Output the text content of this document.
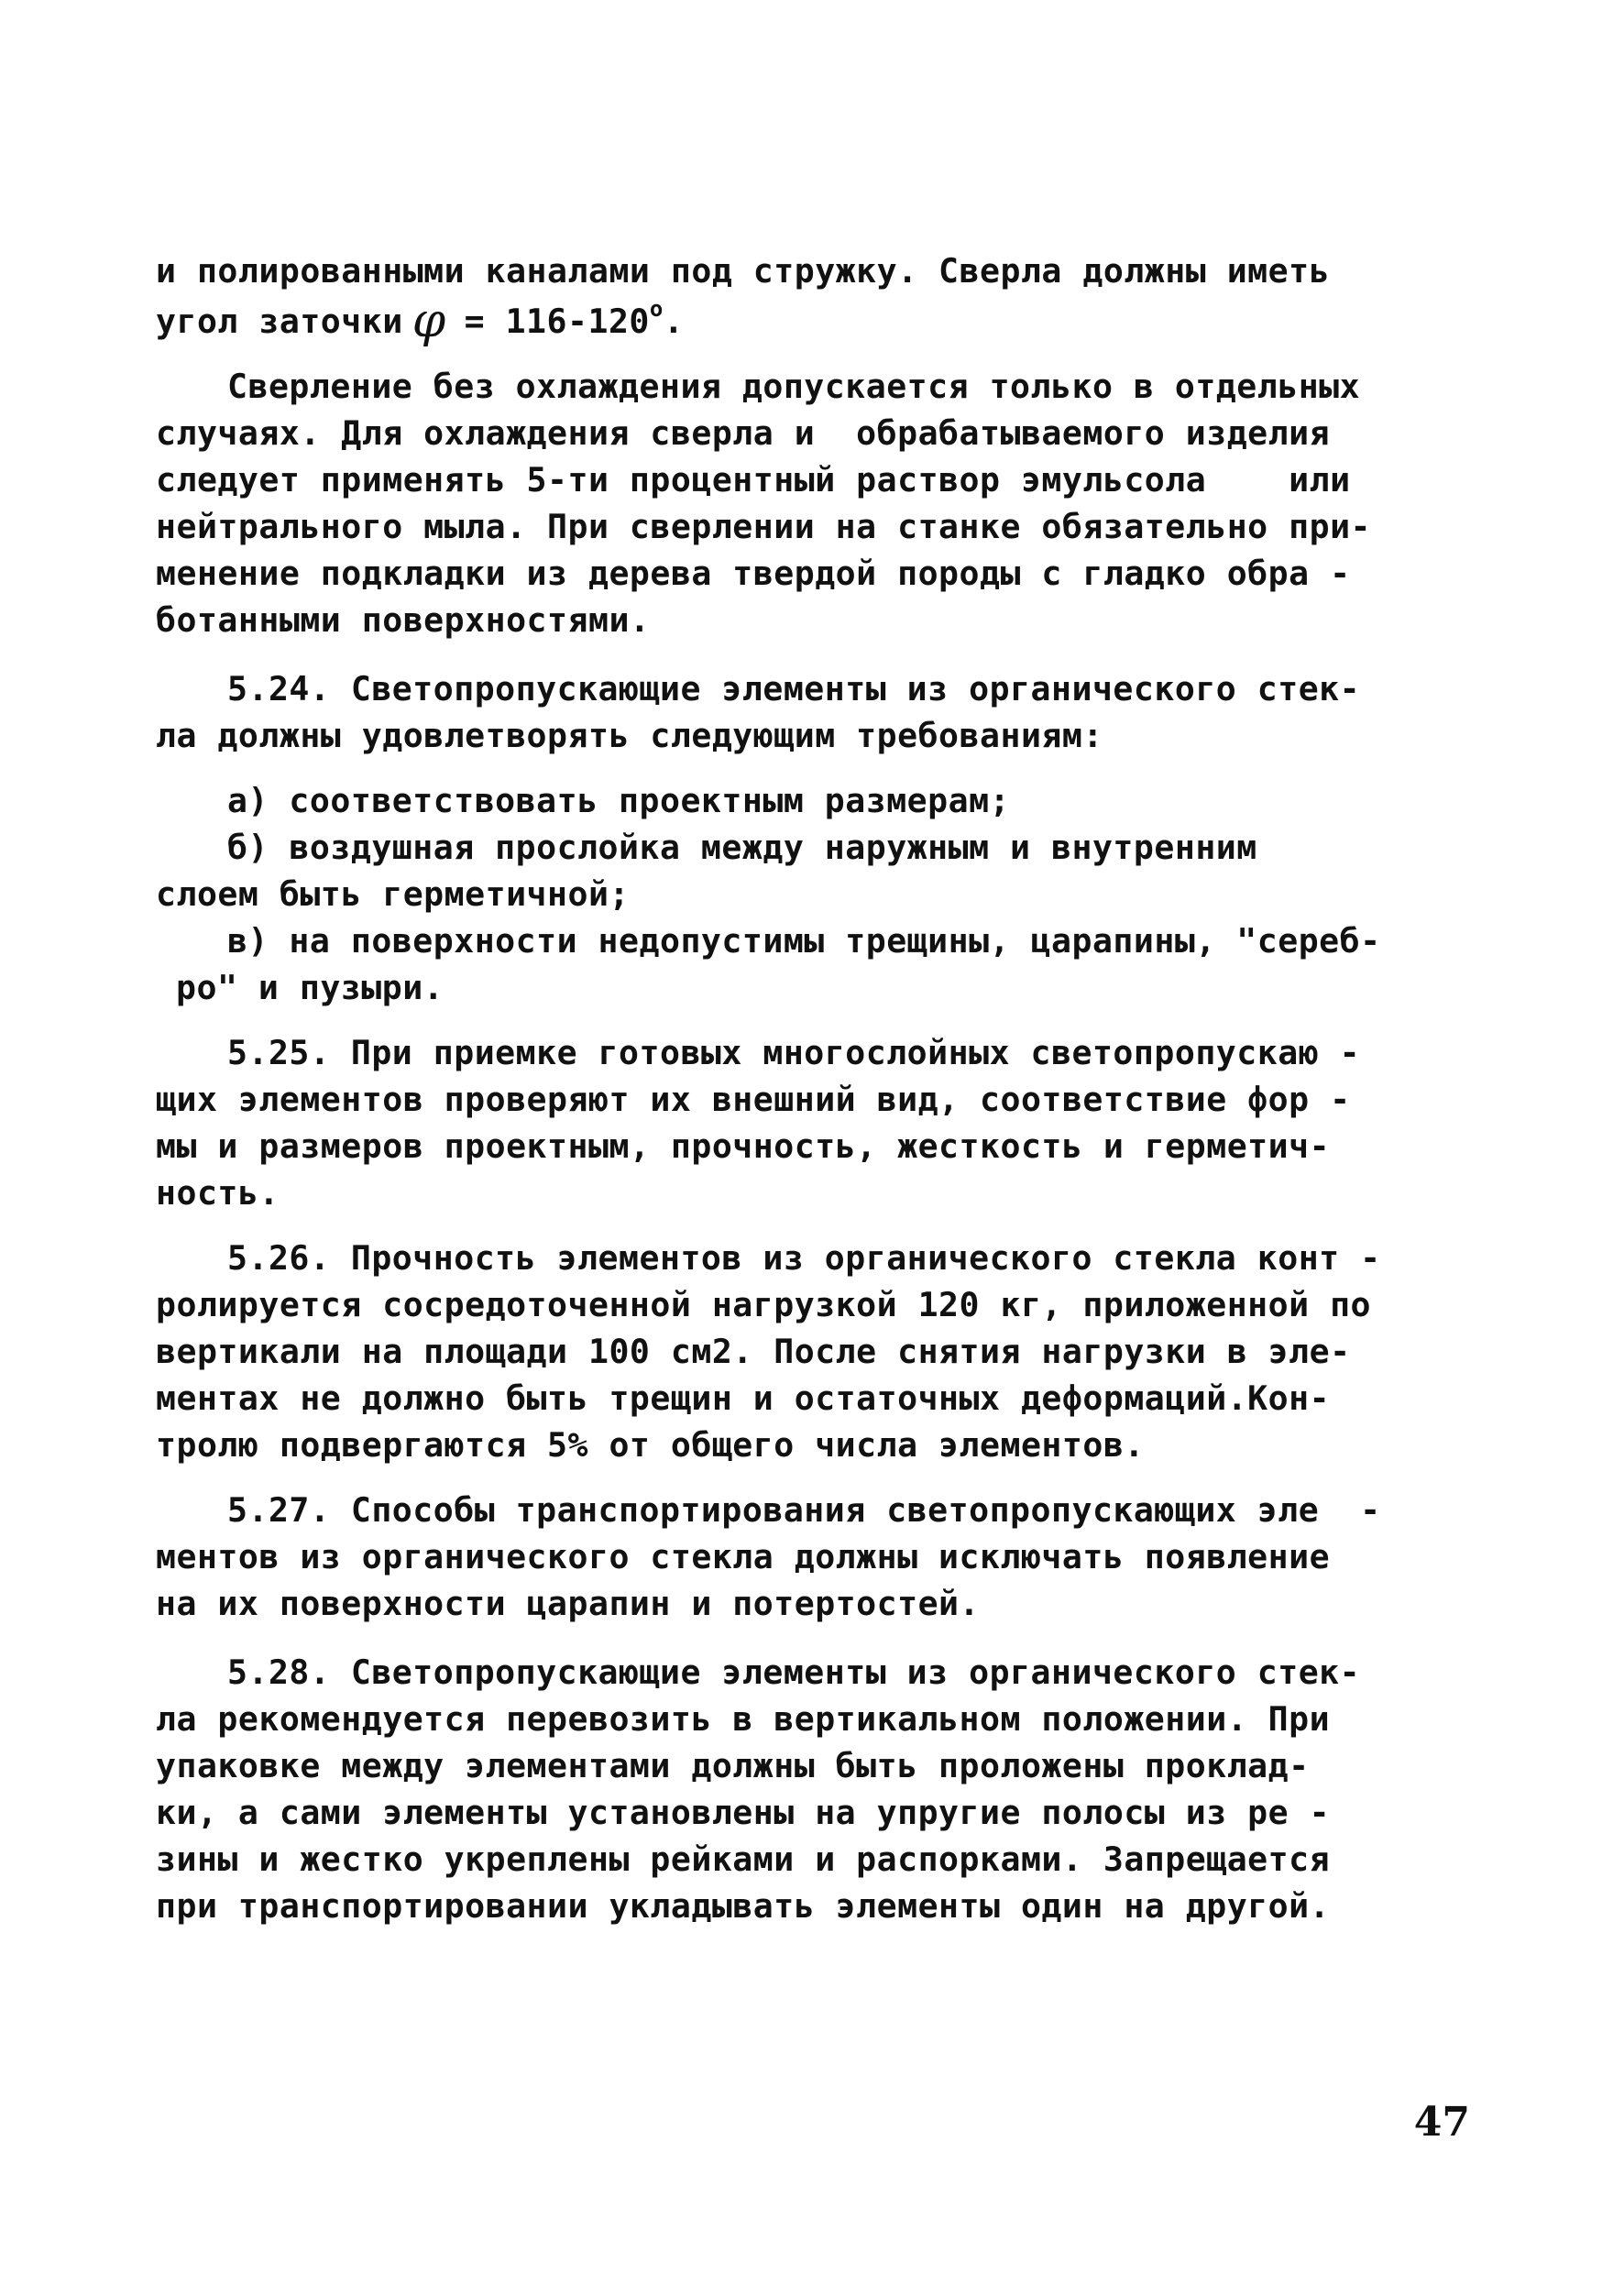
и полированными каналами под стружку. Сверла должны иметь
угол заточки $\varphi = 116-120^о$.
Сверление без охлаждения допускается только в отдельных
случаях. Для охлаждения сверла и  обрабатываемого изделия
следует применять 5-ти процентный раствор эмульсола    или
нейтрального мыла. При сверлении на станке обязательно при-
менение подкладки из дерева твердой породы с гладко обра -
ботанными поверхностями.
5.24. Светопропускающие элементы из органического стек-
ла должны удовлетворять следующим требованиям:
а) соответствовать проектным размерам;
б) воздушная прослойка между наружным и внутренним
слоем быть герметичной;
в) на поверхности недопустимы трещины, царапины, "сереб-
ро" и пузыри.
5.25. При приемке готовых многослойных светопропускаю -
щих элементов проверяют их внешний вид, соответствие фор -
мы и размеров проектным, прочность, жесткость и герметич-
ность.
5.26. Прочность элементов из органического стекла конт -
ролируется сосредоточенной нагрузкой 120 кг, приложенной по
вертикали на площади 100 см2. После снятия нагрузки в эле-
ментах не должно быть трещин и остаточных деформаций.Кон-
тролю подвергаются 5% от общего числа элементов.
5.27. Способы транспортирования светопропускающих эле  -
ментов из органического стекла должны исключать появление
на их поверхности царапин и потертостей.
5.28. Светопропускающие элементы из органического стек-
ла рекомендуется перевозить в вертикальном положении. При
упаковке между элементами должны быть проложены проклад-
ки, а сами элементы установлены на упругие полосы из ре -
зины и жестко укреплены рейками и распорками. Запрещается
при транспортировании укладывать элементы один на другой.
47
